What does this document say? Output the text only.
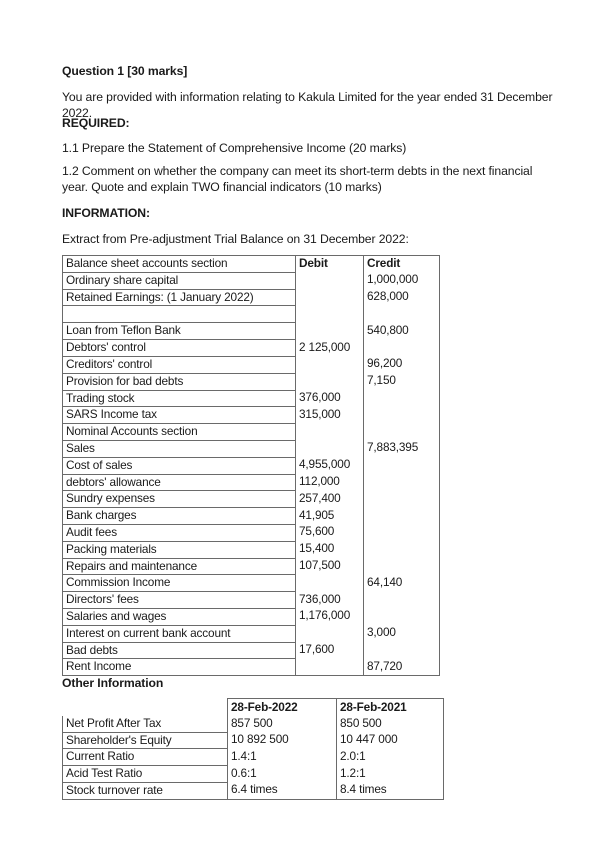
Question 1 [30 marks]
You are provided with information relating to Kakula Limited for the year ended 31 December 2022.
REQUIRED:
1.1 Prepare the Statement of Comprehensive Income (20 marks)
1.2 Comment on whether the company can meet its short-term debts in the next financial year. Quote and explain TWO financial indicators (10 marks)
INFORMATION:
Extract from Pre-adjustment Trial Balance on 31 December 2022:
Balance sheet accounts section	Debit	Credit
Ordinary share capital		1,000,000
Retained Earnings: (1 January 2022)		628,000

Loan from Teflon Bank		540,800
Debtors' control	2 125,000	
Creditors' control		96,200
Provision for bad debts		7,150
Trading stock	376,000	
SARS Income tax	315,000	
Nominal Accounts section		
Sales		7,883,395
Cost of sales	4,955,000	
debtors' allowance	112,000	
Sundry expenses	257,400	
Bank charges	41,905	
Audit fees	75,600	
Packing materials	15,400	
Repairs and maintenance	107,500	
Commission Income		64,140
Directors' fees	736,000	
Salaries and wages	1,176,000	
Interest on current bank account		3,000
Bad debts	17,600	
Rent Income		87,720
Other Information
	28-Feb-2022	28-Feb-2021
Net Profit After Tax	857 500	850 500
Shareholder's Equity	10 892 500	10 447 000
Current Ratio	1.4:1	2.0:1
Acid Test Ratio	0.6:1	1.2:1
Stock turnover rate	6.4 times	8.4 times
